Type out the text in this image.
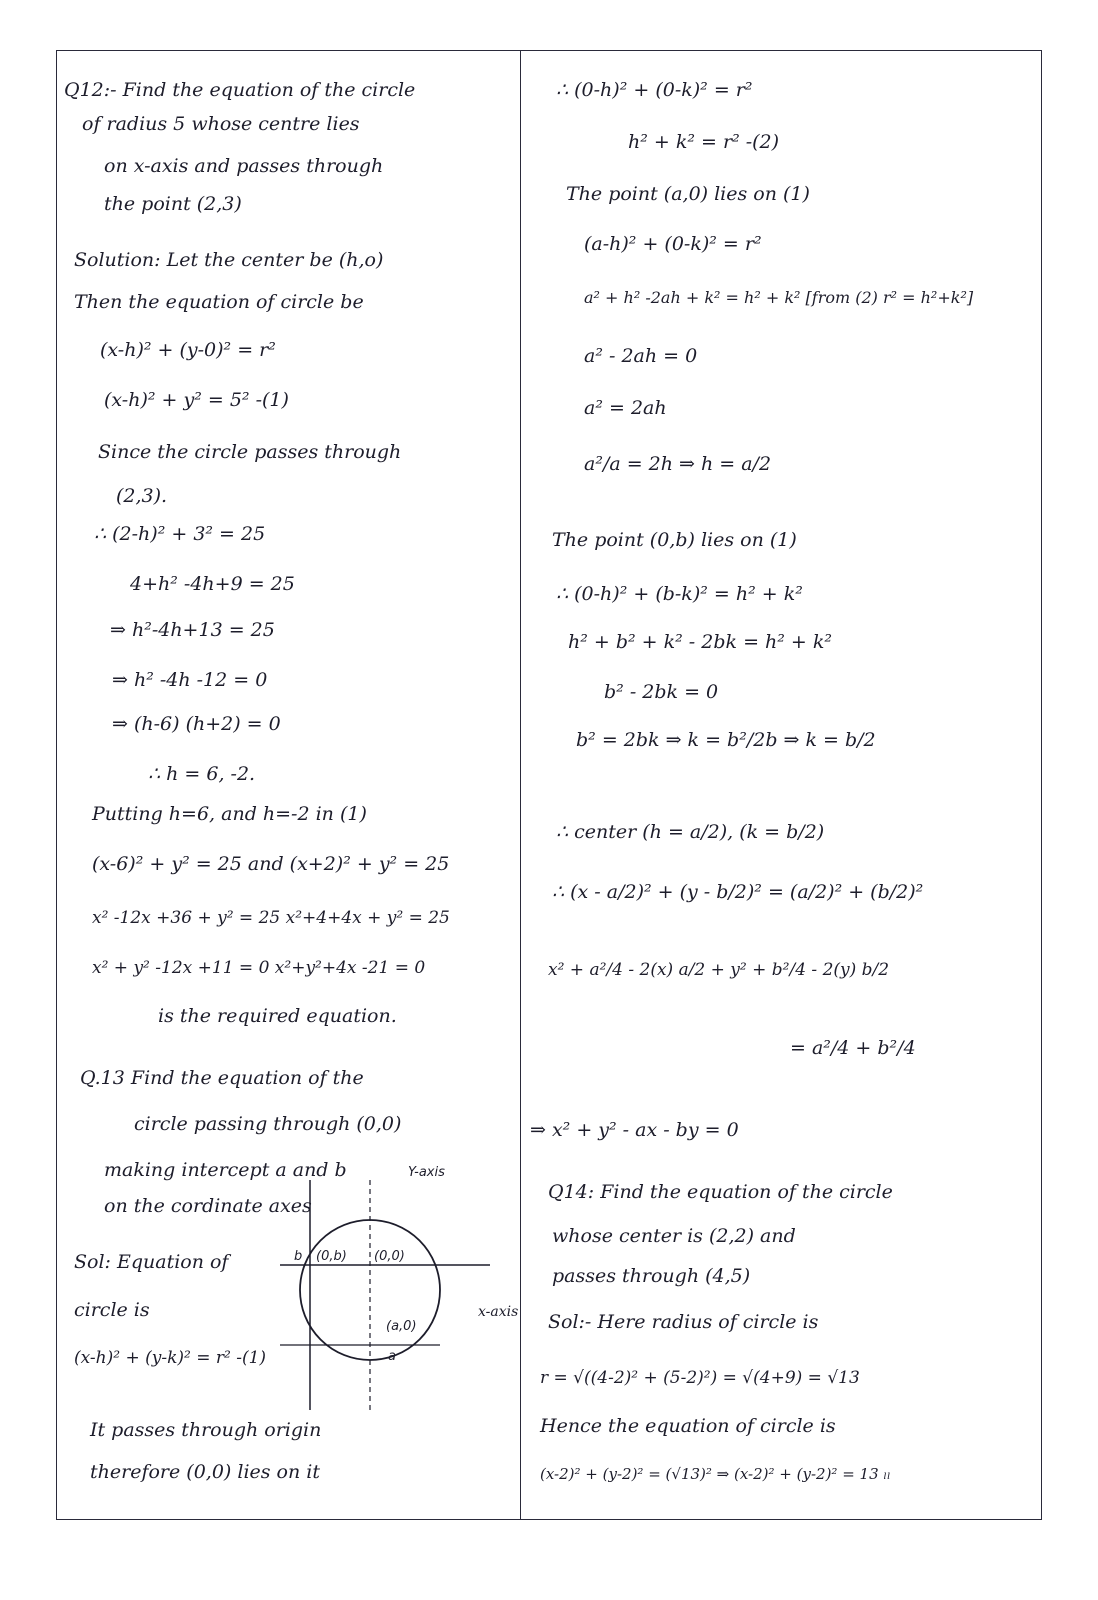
Q12:- Find the equation of the circle
of radius 5 whose centre lies
on x-axis and passes through
the point (2,3)
Solution: Let the center be (h,o)
Then the equation of circle be
(x-h)² + (y-0)² = r²
(x-h)² + y² = 5² -(1)
Since the circle passes through
(2,3).
∴ (2-h)² + 3² = 25
4+h² -4h+9 = 25
⇒ h²-4h+13 = 25
⇒ h² -4h -12 = 0
⇒ (h-6) (h+2) = 0
∴ h = 6, -2.
Putting h=6, and h=-2 in (1)
(x-6)² + y² = 25 and (x+2)² + y² = 25
x² -12x +36 + y² = 25 x²+4+4x + y² = 25
x² + y² -12x +11 = 0 x²+y²+4x -21 = 0
is the required equation.
Q.13 Find the equation of the
circle passing through (0,0)
making intercept a and b
on the cordinate axes
Sol: Equation of
circle is
(x-h)² + (y-k)² = r² -(1)
It passes through origin
therefore (0,0) lies on it
Y-axis
b (0,b) (0,0)
(a,0)
a
x-axis
∴ (0-h)² + (0-k)² = r²
h² + k² = r² -(2)
The point (a,0) lies on (1)
(a-h)² + (0-k)² = r²
a² + h² -2ah + k² = h² + k² [from (2) r² = h²+k²]
a² - 2ah = 0
a² = 2ah
a²/a = 2h ⇒ h = a/2
The point (0,b) lies on (1)
∴ (0-h)² + (b-k)² = h² + k²
h² + b² + k² - 2bk = h² + k²
b² - 2bk = 0
b² = 2bk ⇒ k = b²/2b ⇒ k = b/2
∴ center (h = a/2), (k = b/2)
∴ (x - a/2)² + (y - b/2)² = (a/2)² + (b/2)²
x² + a²/4 - 2(x) a/2 + y² + b²/4 - 2(y) b/2
= a²/4 + b²/4
⇒ x² + y² - ax - by = 0
Q14: Find the equation of the circle
whose center is (2,2) and
passes through (4,5)
Sol:- Here radius of circle is
r = √((4-2)² + (5-2)²) = √(4+9) = √13
Hence the equation of circle is
(x-2)² + (y-2)² = (√13)² ⇒ (x-2)² + (y-2)² = 13 ₗₗ
